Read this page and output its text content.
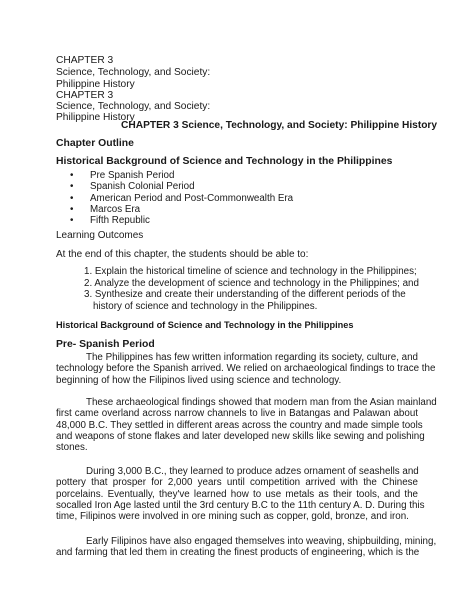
CHAPTER 3
Science, Technology, and Society:
Philippine History
CHAPTER 3
Science, Technology, and Society:
Philippine History
CHAPTER 3 Science, Technology, and Society: Philippine History
Chapter Outline
Historical Background of Science and Technology in the Philippines
• Pre Spanish Period
• Spanish Colonial Period
• American Period and Post-Commonwealth Era
• Marcos Era
• Fifth Republic
Learning Outcomes
At the end of this chapter, the students should be able to:
1. Explain the historical timeline of science and technology in the Philippines;
2. Analyze the development of science and technology in the Philippines; and
3. Synthesize and create their understanding of the different periods of the
history of science and technology in the Philippines.
Historical Background of Science and Technology in the Philippines
Pre- Spanish Period
The Philippines has few written information regarding its society, culture, and
technology before the Spanish arrived. We relied on archaeological findings to trace the
beginning of how the Filipinos lived using science and technology.
These archaeological findings showed that modern man from the Asian mainland
first came overland across narrow channels to live in Batangas and Palawan about
48,000 B.C. They settled in different areas across the country and made simple tools
and weapons of stone flakes and later developed new skills like sewing and polishing
stones.
During 3,000 B.C., they learned to produce adzes ornament of seashells and
pottery that prosper for 2,000 years until competition arrived with the Chinese
porcelains. Eventually, they've learned how to use metals as their tools, and the
socalled Iron Age lasted until the 3rd century B.C to the 11th century A. D. During this
time, Filipinos were involved in ore mining such as copper, gold, bronze, and iron.
Early Filipinos have also engaged themselves into weaving, shipbuilding, mining,
and farming that led them in creating the finest products of engineering, which is the
